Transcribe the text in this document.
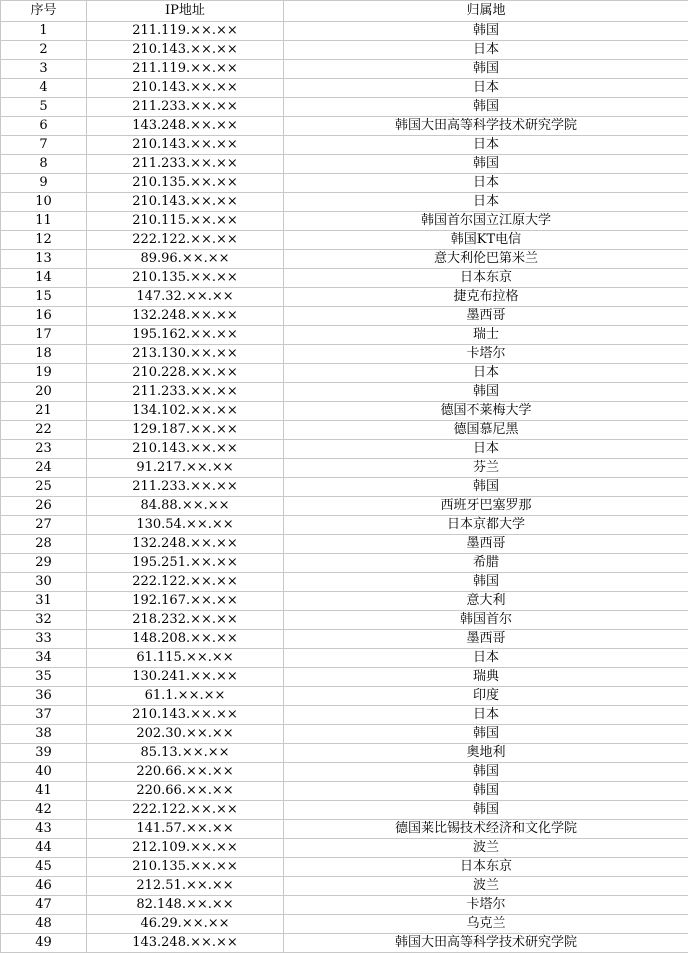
序号	IP地址	归属地
1	211.119.××.××	韩国
2	210.143.××.××	日本
3	211.119.××.××	韩国
4	210.143.××.××	日本
5	211.233.××.××	韩国
6	143.248.××.××	韩国大田高等科学技术研究学院
7	210.143.××.××	日本
8	211.233.××.××	韩国
9	210.135.××.××	日本
10	210.143.××.××	日本
11	210.115.××.××	韩国首尔国立江原大学
12	222.122.××.××	韩国KT电信
13	89.96.××.××	意大利伦巴第米兰
14	210.135.××.××	日本东京
15	147.32.××.××	捷克布拉格
16	132.248.××.××	墨西哥
17	195.162.××.××	瑞士
18	213.130.××.××	卡塔尔
19	210.228.××.××	日本
20	211.233.××.××	韩国
21	134.102.××.××	德国不莱梅大学
22	129.187.××.××	德国慕尼黑
23	210.143.××.××	日本
24	91.217.××.××	芬兰
25	211.233.××.××	韩国
26	84.88.××.××	西班牙巴塞罗那
27	130.54.××.××	日本京都大学
28	132.248.××.××	墨西哥
29	195.251.××.××	希腊
30	222.122.××.××	韩国
31	192.167.××.××	意大利
32	218.232.××.××	韩国首尔
33	148.208.××.××	墨西哥
34	61.115.××.××	日本
35	130.241.××.××	瑞典
36	61.1.××.××	印度
37	210.143.××.××	日本
38	202.30.××.××	韩国
39	85.13.××.××	奥地利
40	220.66.××.××	韩国
41	220.66.××.××	韩国
42	222.122.××.××	韩国
43	141.57.××.××	德国莱比锡技术经济和文化学院
44	212.109.××.××	波兰
45	210.135.××.××	日本东京
46	212.51.××.××	波兰
47	82.148.××.××	卡塔尔
48	46.29.××.××	乌克兰
49	143.248.××.××	韩国大田高等科学技术研究学院
